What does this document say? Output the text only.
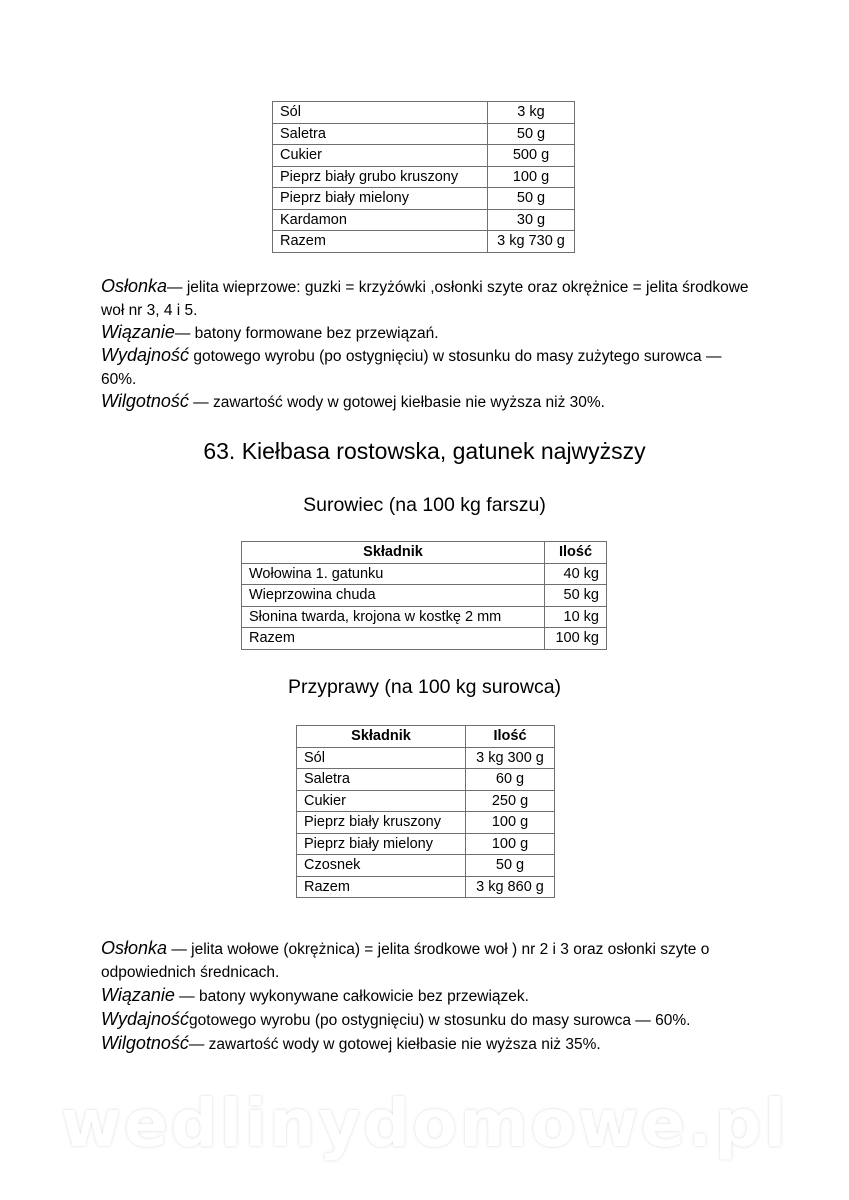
Sól	3 kg
Saletra	50 g
Cukier	500 g
Pieprz biały grubo kruszony	100 g
Pieprz biały mielony	50 g
Kardamon	30 g
Razem	3 kg 730 g
Osłonka— jelita wieprzowe: guzki = krzyżówki ,osłonki szyte oraz okrężnice = jelita środkowe woł nr 3, 4 i 5.
Wiązanie— batony formowane bez przewiązań.
Wydajność gotowego wyrobu (po ostygnięciu) w stosunku do masy zużytego surowca — 60%.
Wilgotność — zawartość wody w gotowej kiełbasie nie wyższa niż 30%.
63. Kiełbasa rostowska, gatunek najwyższy
Surowiec (na 100 kg farszu)
Składnik	Ilość
Wołowina 1. gatunku	40 kg
Wieprzowina chuda	50 kg
Słonina twarda, krojona w kostkę 2 mm	10 kg
Razem	100 kg
Przyprawy (na 100 kg surowca)
Składnik	Ilość
Sól	3 kg 300 g
Saletra	60 g
Cukier	250 g
Pieprz biały kruszony	100 g
Pieprz biały mielony	100 g
Czosnek	50 g
Razem	3 kg 860 g
Osłonka — jelita wołowe (okrężnica) = jelita środkowe woł ) nr 2 i 3 oraz osłonki szyte o odpowiednich średnicach.
Wiązanie — batony wykonywane całkowicie bez przewiązek.
Wydajnośćgotowego wyrobu (po ostygnięciu) w stosunku do masy surowca — 60%.
Wilgotność— zawartość wody w gotowej kiełbasie nie wyższa niż 35%.
wedlinydomowe.pl
